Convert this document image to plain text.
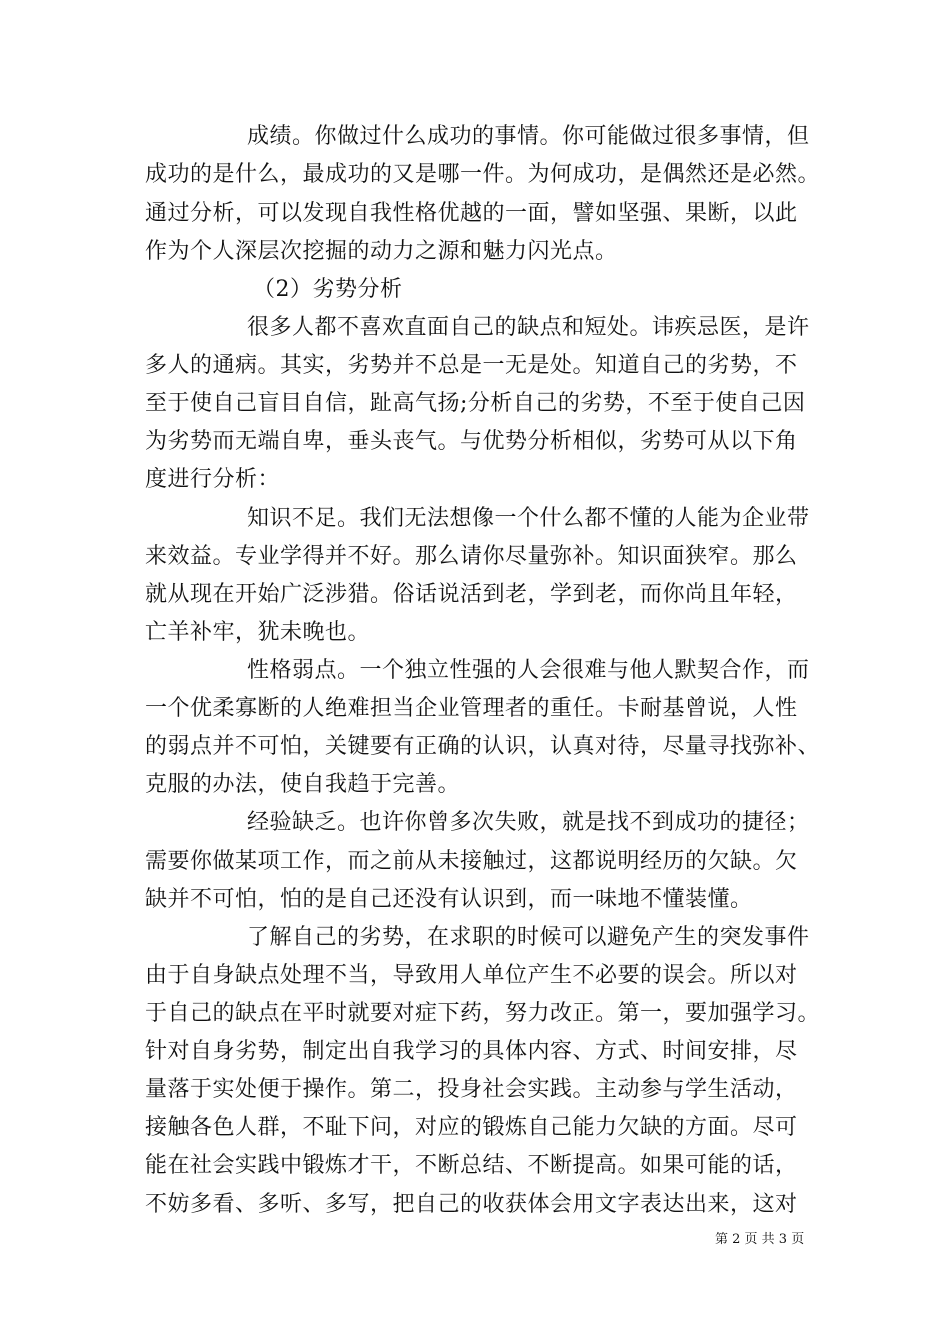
成绩。你做过什么成功的事情。你可能做过很多事情，但
成功的是什么，最成功的又是哪一件。为何成功，是偶然还是必然。
通过分析，可以发现自我性格优越的一面，譬如坚强、果断，以此
作为个人深层次挖掘的动力之源和魅力闪光点。
（2）劣势分析
很多人都不喜欢直面自己的缺点和短处。讳疾忌医，是许
多人的通病。其实，劣势并不总是一无是处。知道自己的劣势，不
至于使自己盲目自信，趾高气扬;分析自己的劣势，不至于使自己因
为劣势而无端自卑，垂头丧气。与优势分析相似，劣势可从以下角
度进行分析：
知识不足。我们无法想像一个什么都不懂的人能为企业带
来效益。专业学得并不好。那么请你尽量弥补。知识面狭窄。那么
就从现在开始广泛涉猎。俗话说活到老，学到老，而你尚且年轻，
亡羊补牢，犹未晚也。
性格弱点。一个独立性强的人会很难与他人默契合作，而
一个优柔寡断的人绝难担当企业管理者的重任。卡耐基曾说，人性
的弱点并不可怕，关键要有正确的认识，认真对待，尽量寻找弥补、
克服的办法，使自我趋于完善。
经验缺乏。也许你曾多次失败，就是找不到成功的捷径；
需要你做某项工作，而之前从未接触过，这都说明经历的欠缺。欠
缺并不可怕，怕的是自己还没有认识到，而一味地不懂装懂。
了解自己的劣势，在求职的时候可以避免产生的突发事件
由于自身缺点处理不当，导致用人单位产生不必要的误会。所以对
于自己的缺点在平时就要对症下药，努力改正。第一，要加强学习。
针对自身劣势，制定出自我学习的具体内容、方式、时间安排，尽
量落于实处便于操作。第二，投身社会实践。主动参与学生活动，
接触各色人群，不耻下问，对应的锻炼自己能力欠缺的方面。尽可
能在社会实践中锻炼才干，不断总结、不断提高。如果可能的话，
不妨多看、多听、多写，把自己的收获体会用文字表达出来，这对
第 2 页 共 3 页
